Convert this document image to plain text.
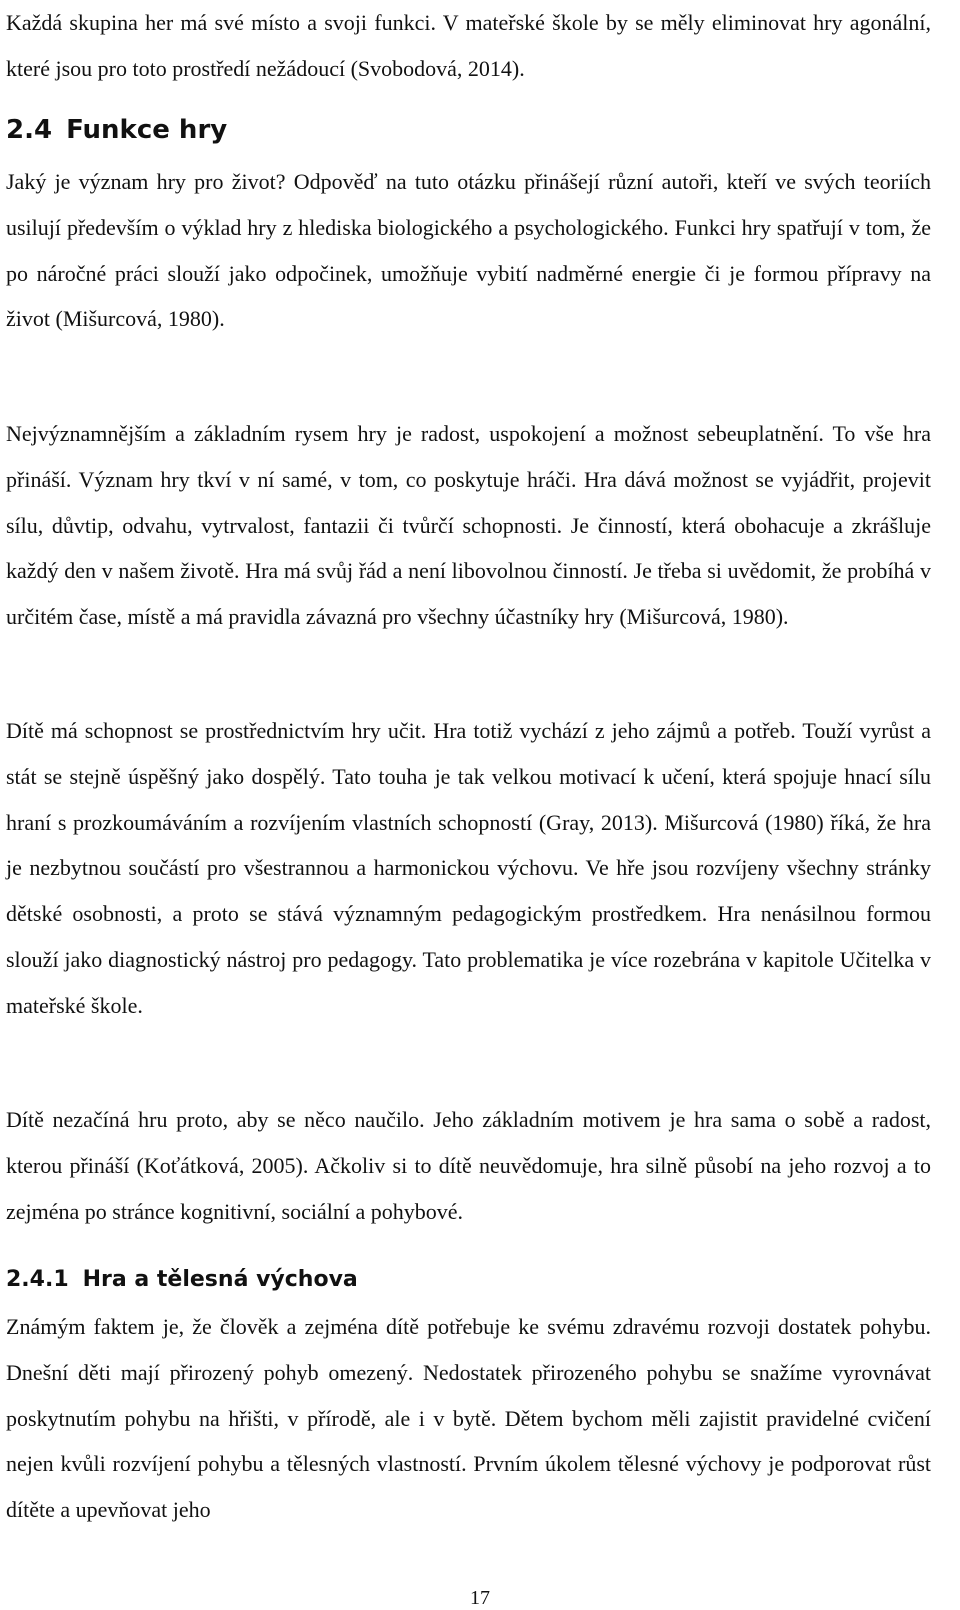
Každá skupina her má své místo a svoji funkci. V mateřské škole by se měly eliminovat hry agonální, které jsou pro toto prostředí nežádoucí (Svobodová, 2014).

2.4 Funkce hry

Jaký je význam hry pro život? Odpověď na tuto otázku přinášejí různí autoři, kteří ve svých teoriích usilují především o výklad hry z hlediska biologického a psychologického. Funkci hry spatřují v tom, že po náročné práci slouží jako odpočinek, umožňuje vybití nadměrné energie či je formou přípravy na život (Mišurcová, 1980).

Nejvýznamnějším a základním rysem hry je radost, uspokojení a možnost sebeuplatnění. To vše hra přináší. Význam hry tkví v ní samé, v tom, co poskytuje hráči. Hra dává možnost se vyjádřit, projevit sílu, důvtip, odvahu, vytrvalost, fantazii či tvůrčí schopnosti. Je činností, která obohacuje a zkrášluje každý den v našem životě. Hra má svůj řád a není libovolnou činností. Je třeba si uvědomit, že probíhá v určitém čase, místě a má pravidla závazná pro všechny účastníky hry (Mišurcová, 1980).

Dítě má schopnost se prostřednictvím hry učit. Hra totiž vychází z jeho zájmů a potřeb. Touží vyrůst a stát se stejně úspěšný jako dospělý. Tato touha je tak velkou motivací k učení, která spojuje hnací sílu hraní s prozkoumáváním a rozvíjením vlastních schopností (Gray, 2013). Mišurcová (1980) říká, že hra je nezbytnou součástí pro všestrannou a harmonickou výchovu. Ve hře jsou rozvíjeny všechny stránky dětské osobnosti, a proto se stává významným pedagogickým prostředkem. Hra nenásilnou formou slouží jako diagnostický nástroj pro pedagogy. Tato problematika je více rozebrána v kapitole Učitelka v mateřské škole.

Dítě nezačíná hru proto, aby se něco naučilo. Jeho základním motivem je hra sama o sobě a radost, kterou přináší (Koťátková, 2005). Ačkoliv si to dítě neuvědomuje, hra silně působí na jeho rozvoj a to zejména po stránce kognitivní, sociální a pohybové.

2.4.1 Hra a tělesná výchova

Známým faktem je, že člověk a zejména dítě potřebuje ke svému zdravému rozvoji dostatek pohybu. Dnešní děti mají přirozený pohyb omezený. Nedostatek přirozeného pohybu se snažíme vyrovnávat poskytnutím pohybu na hřišti, v přírodě, ale i v bytě. Dětem bychom měli zajistit pravidelné cvičení nejen kvůli rozvíjení pohybu a tělesných vlastností. Prvním úkolem tělesné výchovy je podporovat růst dítěte a upevňovat jeho

17
